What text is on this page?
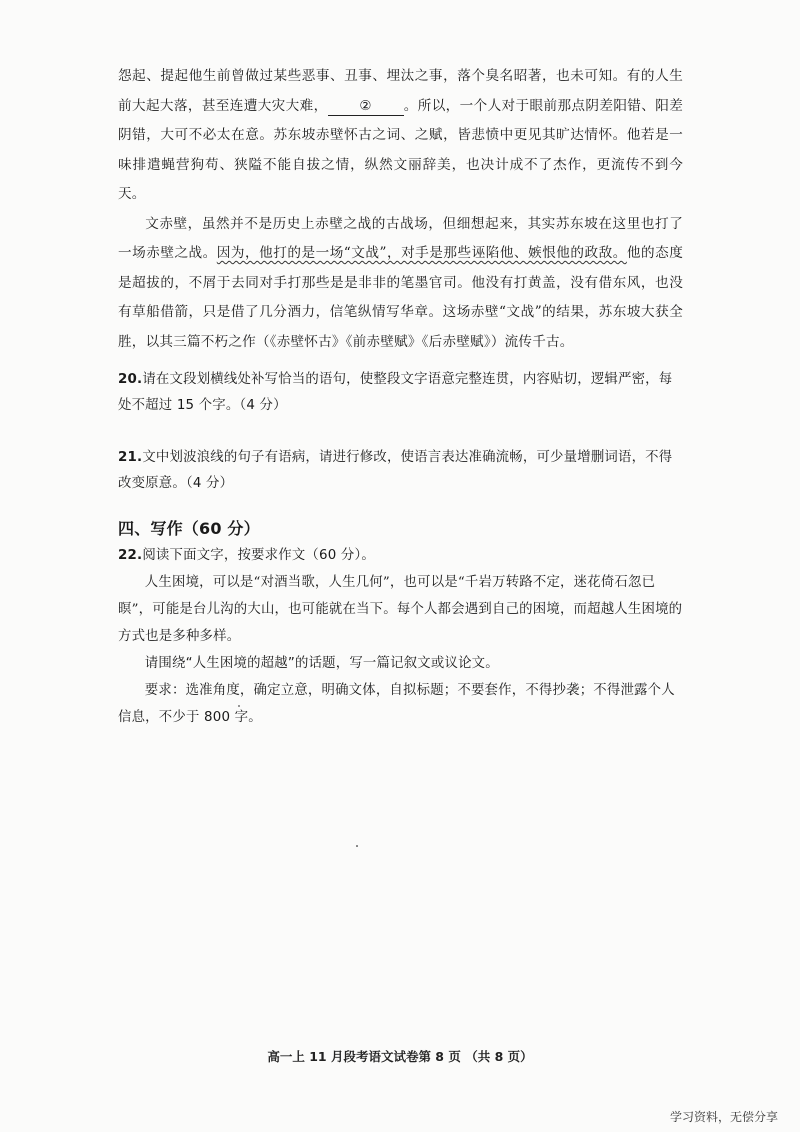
怨起、提起他生前曾做过某些恶事、丑事、埋汰之事，落个臭名昭著，也未可知。有的人生前大起大落，甚至连遭大灾大难， ② 。所以，一个人对于眼前那点阴差阳错、阳差阴错，大可不必太在意。苏东坡赤壁怀古之词、之赋，皆悲愤中更见其旷达情怀。他若是一味排遣蝇营狗苟、狭隘不能自拔之情，纵然文丽辞美，也决计成不了杰作，更流传不到今天。

文赤壁，虽然并不是历史上赤壁之战的古战场，但细想起来，其实苏东坡在这里也打了一场赤壁之战。因为，他打的是一场“文战”，对手是那些诬陷他、嫉恨他的政敌。他的态度是超拔的，不屑于去同对手打那些是是非非的笔墨官司。他没有打黄盖，没有借东风，也没有草船借箭，只是借了几分酒力，信笔纵情写华章。这场赤壁“文战”的结果，苏东坡大获全胜，以其三篇不朽之作（《赤壁怀古》《前赤壁赋》《后赤壁赋》）流传千古。

20.请在文段划横线处补写恰当的语句，使整段文字语意完整连贯，内容贴切，逻辑严密，每处不超过 15 个字。（4 分）

21.文中划波浪线的句子有语病，请进行修改，使语言表达准确流畅，可少量增删词语，不得改变原意。（4 分）

四、写作（60 分）

22.阅读下面文字，按要求作文（60 分）。

人生困境，可以是“对酒当歌，人生几何”，也可以是“千岩万转路不定，迷花倚石忽已暝”，可能是台儿沟的大山，也可能就在当下。每个人都会遇到自己的困境，而超越人生困境的方式也是多种多样。

请围绕“人生困境的超越”的话题，写一篇记叙文或议论文。

要求：选准角度，确定立意，明确文体，自拟标题；不要套作，不得抄袭；不得泄露个人信息，不少于 800 字。

高一上 11 月段考语文试卷第 8 页 （共 8 页）
学习资料，无偿分享
